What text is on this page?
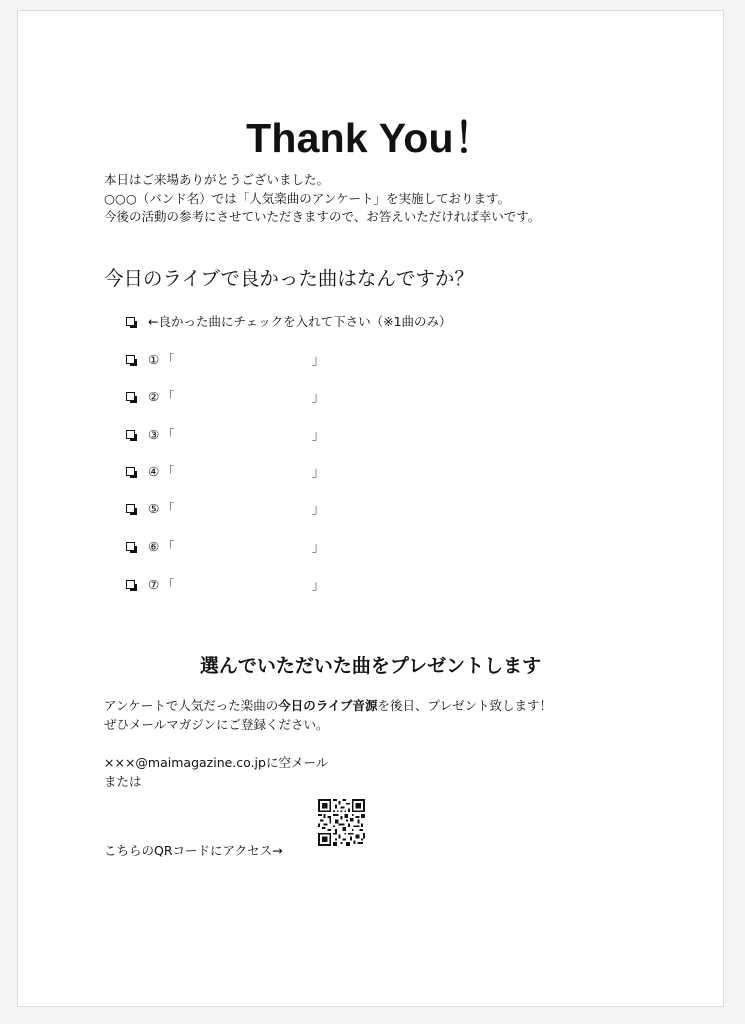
Thank You！
本日はご来場ありがとうございました。
○○○（バンド名）では「人気楽曲のアンケート」を実施しております。
今後の活動の参考にさせていただきますので、お答えいただければ幸いです。
今日のライブで良かった曲はなんですか？
←良かった曲にチェックを入れて下さい（※1曲のみ）
① 「	」
② 「	」
③ 「	」
④ 「	」
⑤ 「	」
⑥ 「	」
⑦ 「	」
選んでいただいた曲をプレゼントします
アンケートで人気だった楽曲の今日のライブ音源を後日、プレゼント致します！
ぜひメールマガジンにご登録ください。
×××@maimagazine.co.jpに空メール
または
こちらのQRコードにアクセス→
